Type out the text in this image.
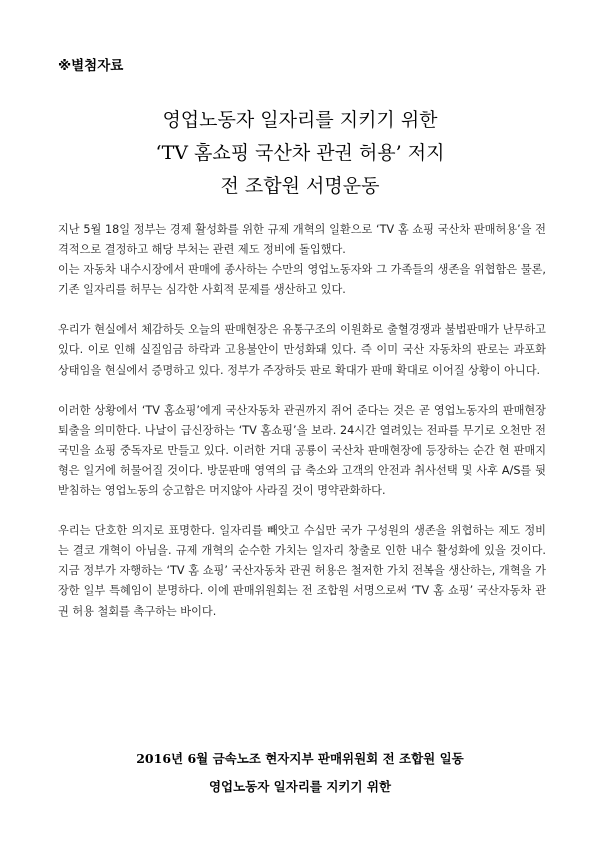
※별첨자료
영업노동자 일자리를 지키기 위한
‘TV 홈쇼핑 국산차 관권 허용’ 저지
전 조합원 서명운동

지난 5월 18일 정부는 경제 활성화를 위한 규제 개혁의 일환으로 ‘TV 홈 쇼핑 국산차 판매허용’을 전격적으로 결정하고 해당 부처는 관련 제도 정비에 돌입했다.

이는 자동차 내수시장에서 판매에 종사하는 수만의 영업노동자와 그 가족들의 생존을 위협함은 물론, 기존 일자리를 허무는 심각한 사회적 문제를 생산하고 있다.

우리가 현실에서 체감하듯 오늘의 판매현장은 유통구조의 이원화로 출혈경쟁과 불법판매가 난무하고 있다. 이로 인해 실질임금 하락과 고용불안이 만성화돼 있다. 즉 이미 국산 자동차의 판로는 과포화 상태임을 현실에서 증명하고 있다. 정부가 주장하듯 판로 확대가 판매 확대로 이어질 상황이 아니다.

이러한 상황에서 ‘TV 홈쇼핑’에게 국산자동차 관권까지 쥐어 준다는 것은 곧 영업노동자의 판매현장 퇴출을 의미한다. 나날이 급신장하는 ‘TV 홈쇼핑’을 보라. 24시간 열려있는 전파를 무기로 오천만 전 국민을 쇼핑 중독자로 만들고 있다. 이러한 거대 공룡이 국산차 판매현장에 등장하는 순간 현 판매지형은 일거에 허물어질 것이다. 방문판매 영역의 급 축소와 고객의 안전과 취사선택 및 사후 A/S를 뒷받침하는 영업노동의 숭고함은 머지않아 사라질 것이 명약관화하다.

우리는 단호한 의지로 표명한다. 일자리를 빼앗고 수십만 국가 구성원의 생존을 위협하는 제도 정비는 결코 개혁이 아님을. 규제 개혁의 순수한 가치는 일자리 창출로 인한 내수 활성화에 있을 것이다. 지금 정부가 자행하는 ‘TV 홈 쇼핑’ 국산자동차 관권 허용은 철저한 가치 전복을 생산하는, 개혁을 가장한 일부 특혜임이 분명하다. 이에 판매위원회는 전 조합원 서명으로써 ‘TV 홈 쇼핑’ 국산자동차 관권 허용 철회를 촉구하는 바이다.

2016년 6월 금속노조 현자지부 판매위원회 전 조합원 일동
영업노동자 일자리를 지키기 위한
